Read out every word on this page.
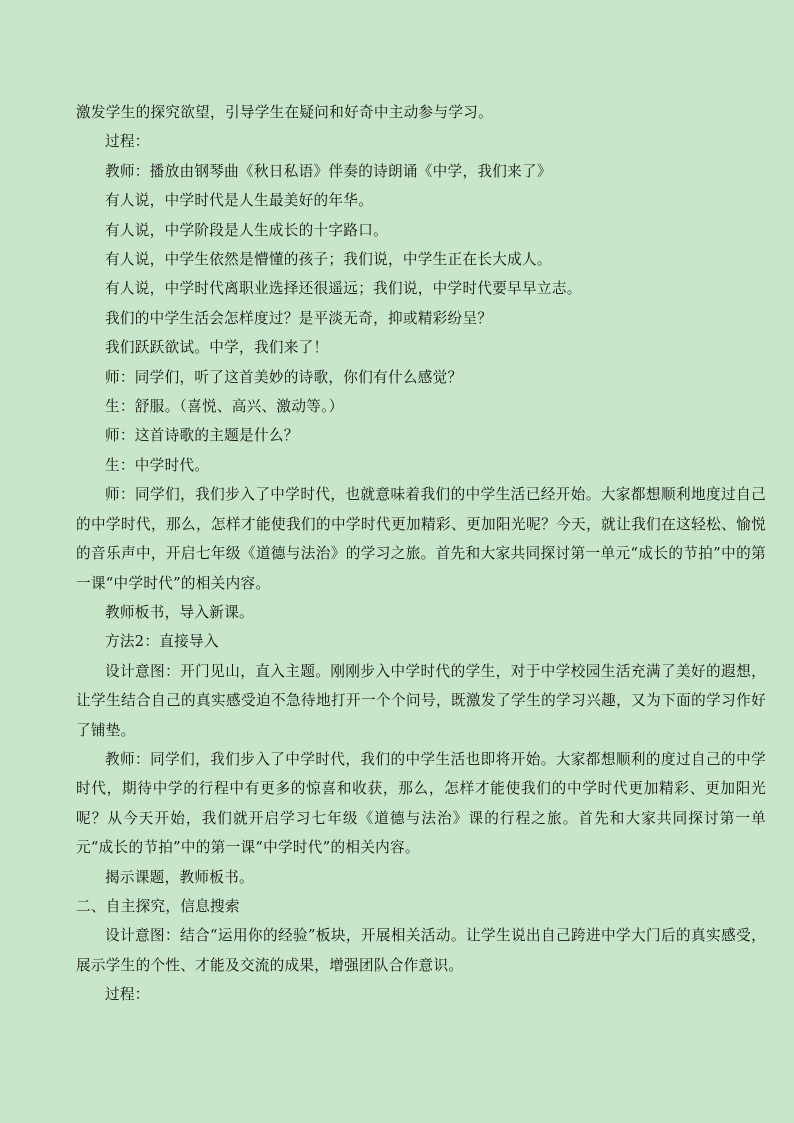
激发学生的探究欲望，引导学生在疑问和好奇中主动参与学习。

过程：

教师：播放由钢琴曲《秋日私语》伴奏的诗朗诵《中学，我们来了》

有人说，中学时代是人生最美好的年华。

有人说，中学阶段是人生成长的十字路口。

有人说，中学生依然是懵懂的孩子；我们说，中学生正在长大成人。

有人说，中学时代离职业选择还很遥远；我们说，中学时代要早早立志。

我们的中学生活会怎样度过？是平淡无奇，抑或精彩纷呈？

我们跃跃欲试。中学，我们来了！

师：同学们，听了这首美妙的诗歌，你们有什么感觉？

生：舒服。（喜悦、高兴、激动等。）

师：这首诗歌的主题是什么？

生：中学时代。

师：同学们，我们步入了中学时代，也就意味着我们的中学生活已经开始。大家都想顺利地度过自己的中学时代，那么，怎样才能使我们的中学时代更加精彩、更加阳光呢？今天，就让我们在这轻松、愉悦的音乐声中，开启七年级《道德与法治》的学习之旅。首先和大家共同探讨第一单元“成长的节拍”中的第一课“中学时代”的相关内容。

教师板书，导入新课。

方法2：直接导入

设计意图：开门见山，直入主题。刚刚步入中学时代的学生，对于中学校园生活充满了美好的遐想，让学生结合自己的真实感受迫不急待地打开一个个问号，既激发了学生的学习兴趣，又为下面的学习作好了铺垫。

教师：同学们，我们步入了中学时代，我们的中学生活也即将开始。大家都想顺利的度过自己的中学时代，期待中学的行程中有更多的惊喜和收获，那么，怎样才能使我们的中学时代更加精彩、更加阳光呢？从今天开始，我们就开启学习七年级《道德与法治》课的行程之旅。首先和大家共同探讨第一单元“成长的节拍”中的第一课“中学时代”的相关内容。

揭示课题，教师板书。

二、自主探究，信息搜索

设计意图：结合“运用你的经验”板块，开展相关活动。让学生说出自己跨进中学大门后的真实感受，展示学生的个性、才能及交流的成果，增强团队合作意识。

过程：
